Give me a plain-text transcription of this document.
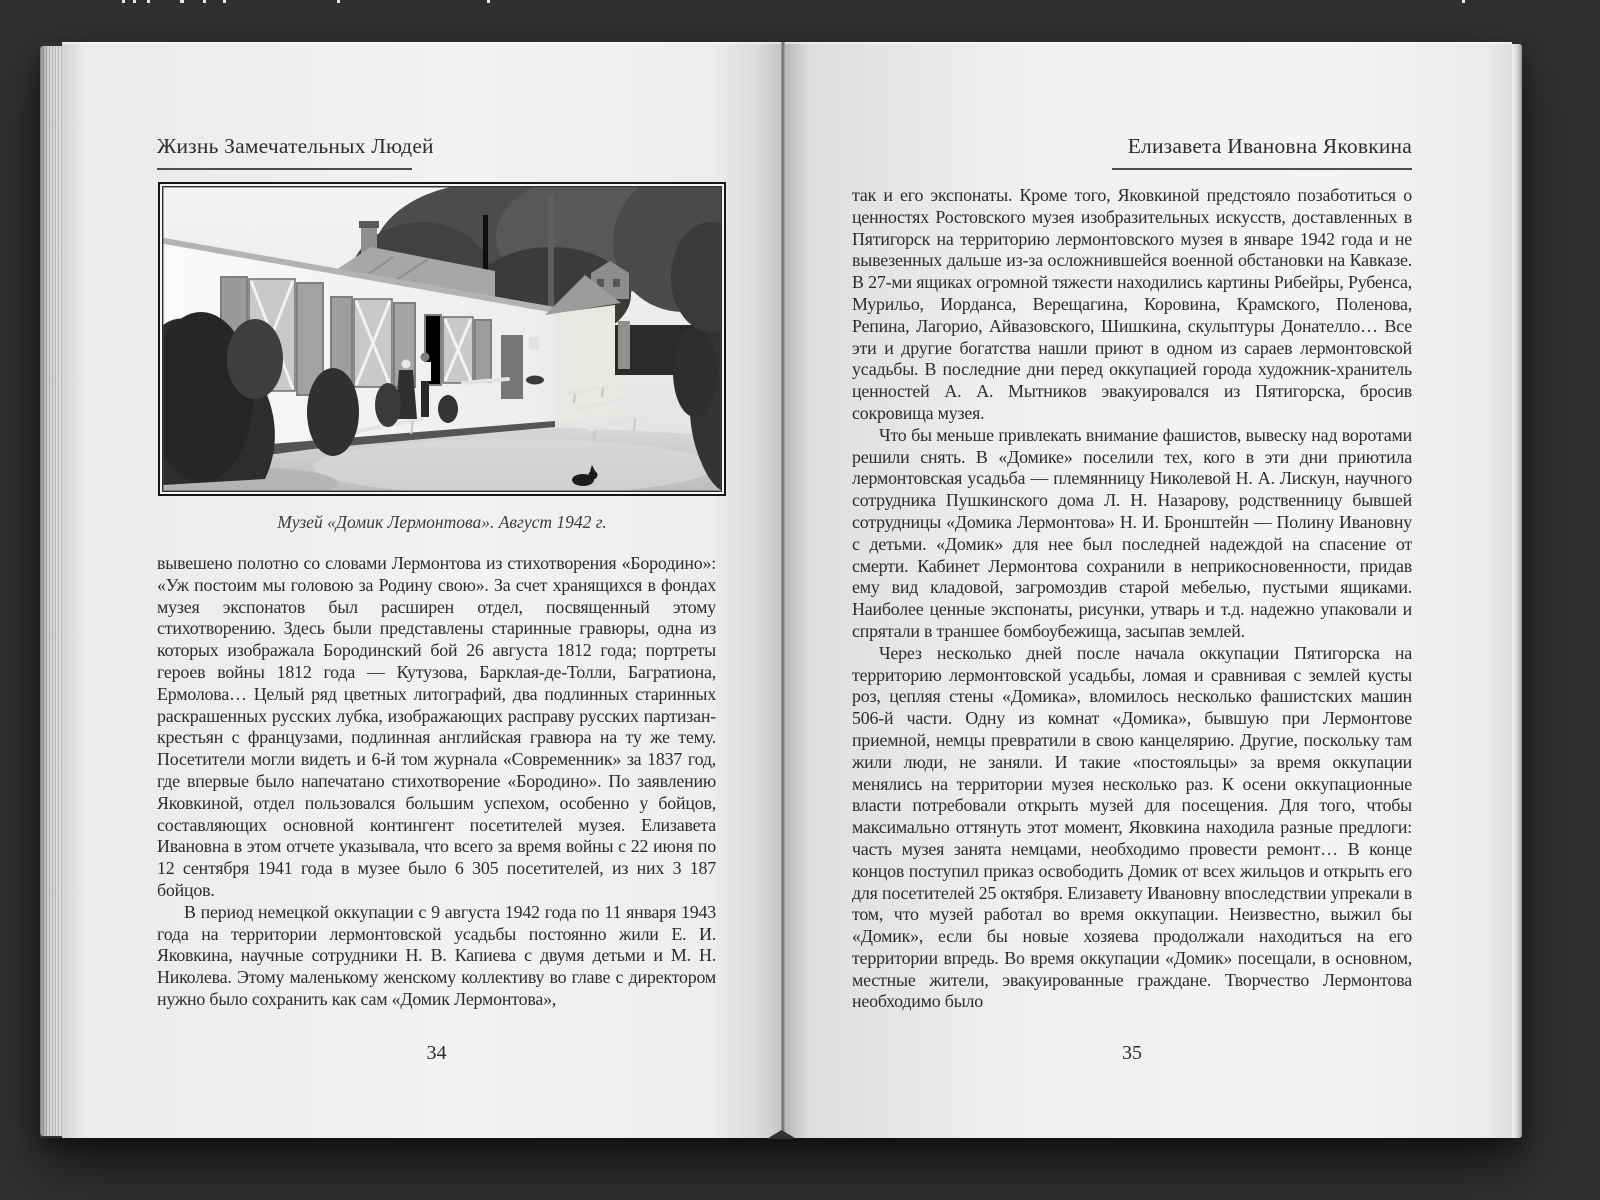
Жизнь Замечательных Людей
Музей «Домик Лермонтова». Август 1942 г.

вывешено полотно со словами Лермонтова из стихотворения «Бородино»: «Уж постоим мы головою за Родину свою». За счет хранящихся в фондах музея экспонатов был расширен отдел, посвященный этому стихотворению. Здесь были представлены старинные гравюры, одна из которых изображала Бородинский бой 26 августа 1812 года; портреты героев войны 1812 года — Кутузова, Барклая-де-Толли, Багратиона, Ермолова… Целый ряд цветных литографий, два подлинных старинных раскрашенных русских лубка, изображающих расправу русских партизан-крестьян с французами, подлинная английская гравюра на ту же тему. Посетители могли видеть и 6-й том журнала «Современник» за 1837 год, где впервые было напечатано стихотворение «Бородино». По заявлению Яковкиной, отдел пользовался большим успехом, особенно у бойцов, составляющих основной контингент посетителей музея. Елизавета Ивановна в этом отчете указывала, что всего за время войны с 22 июня по 12 сентября 1941 года в музее было 6 305 посетителей, из них 3 187 бойцов.

В период немецкой оккупации с 9 августа 1942 года по 11 января 1943 года на территории лермонтовской усадьбы постоянно жили Е. И. Яковкина, научные сотрудники Н. В. Капиева с двумя детьми и М. Н. Николева. Этому маленькому женскому коллективу во главе с директором нужно было сохранить как сам «Домик Лермонтова»,

34
Елизавета Ивановна Яковкина

так и его экспонаты. Кроме того, Яковкиной предстояло позаботиться о ценностях Ростовского музея изобразительных искусств, доставленных в Пятигорск на территорию лермонтовского музея в январе 1942 года и не вывезенных дальше из-за осложнившейся военной обстановки на Кавказе. В 27-ми ящиках огромной тяжести находились картины Рибейры, Рубенса, Мурильо, Иорданса, Верещагина, Коровина, Крамского, Поленова, Репина, Лагорио, Айвазовского, Шишкина, скульптуры Донателло… Все эти и другие богатства нашли приют в одном из сараев лермонтовской усадьбы. В последние дни перед оккупацией города художник-хранитель ценностей А. А. Мытников эвакуировался из Пятигорска, бросив сокровища музея.

Что бы меньше привлекать внимание фашистов, вывеску над воротами решили снять. В «Домике» поселили тех, кого в эти дни приютила лермонтовская усадьба — племянницу Николевой Н. А. Лискун, научного сотрудника Пушкинского дома Л. Н. Назарову, родственницу бывшей сотрудницы «Домика Лермонтова» Н. И. Бронштейн — Полину Ивановну с детьми. «Домик» для нее был последней надеждой на спасение от смерти. Кабинет Лермонтова сохранили в неприкосновенности, придав ему вид кладовой, загромоздив старой мебелью, пустыми ящиками. Наиболее ценные экспонаты, рисунки, утварь и т.д. надежно упаковали и спрятали в траншее бомбоубежища, засыпав землей.

Через несколько дней после начала оккупации Пятигорска на территорию лермонтовской усадьбы, ломая и сравнивая с землей кусты роз, цепляя стены «Домика», вломилось несколько фашистских машин 506-й части. Одну из комнат «Домика», бывшую при Лермонтове приемной, немцы превратили в свою канцелярию. Другие, поскольку там жили люди, не заняли. И такие «постояльцы» за время оккупации менялись на территории музея несколько раз. К осени оккупационные власти потребовали открыть музей для посещения. Для того, чтобы максимально оттянуть этот момент, Яковкина находила разные предлоги: часть музея занята немцами, необходимо провести ремонт… В конце концов поступил приказ освободить Домик от всех жильцов и открыть его для посетителей 25 октября. Елизавету Ивановну впоследствии упрекали в том, что музей работал во время оккупации. Неизвестно, выжил бы «Домик», если бы новые хозяева продолжали находиться на его территории впредь. Во время оккупации «Домик» посещали, в основном, местные жители, эвакуированные граждане. Творчество Лермонтова необходимо было

35
